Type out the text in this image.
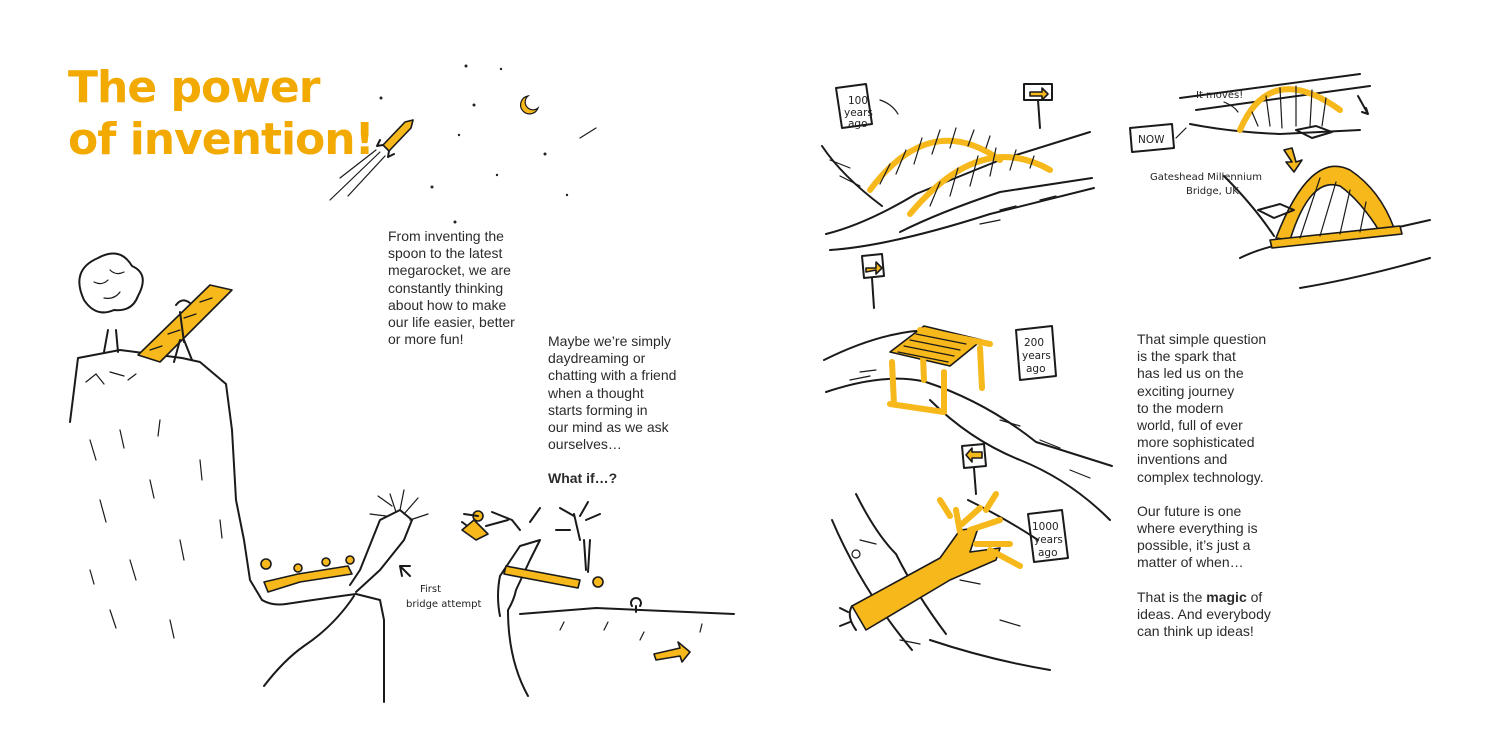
The power
of invention!

From inventing the
spoon to the latest
megarocket, we are
constantly thinking
about how to make
our life easier, better
or more fun!	Maybe we’re simply
daydreaming or
chatting with a friend
when a thought
starts forming in
our mind as we ask
ourselves…

What if…?

That simple question
is the spark that
has led us on the
exciting journey
to the modern
world, full of ever
more sophisticated
inventions and
complex technology.

Our future is one
where everything is
possible, it’s just a
matter of when…

That is the magic of
ideas. And everybody
can think up ideas!

First
bridge attempt
100
years
ago
It moves!
NOW
Gateshead Millennium
Bridge, UK
200
years
ago
1000
years
ago
